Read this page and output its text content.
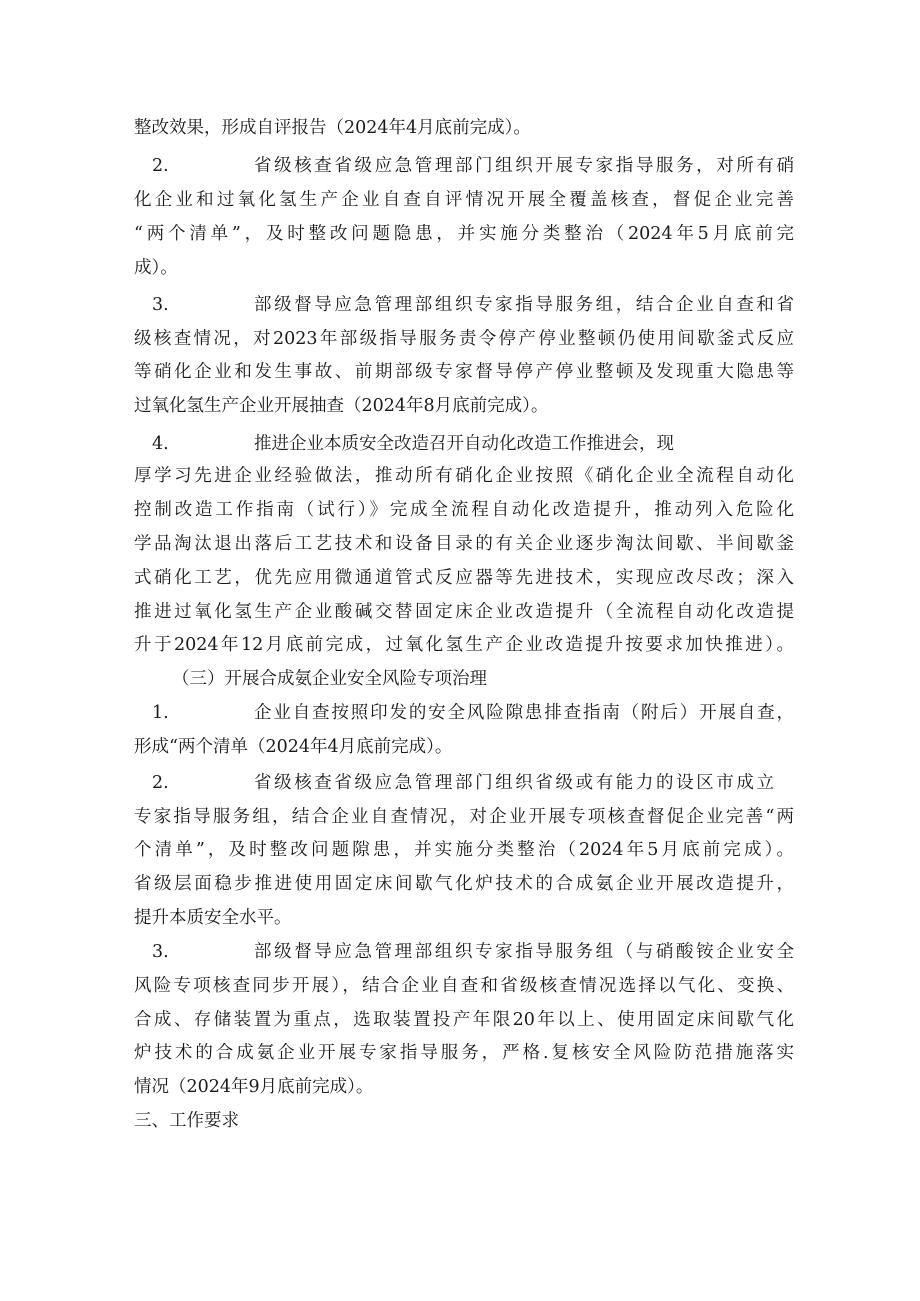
整改效果，形成自评报告（2024年4月底前完成）。
2.	省级核查省级应急管理部门组织开展专家指导服务，对所有硝
化企业和过氧化氢生产企业自查自评情况开展全覆盖核查，督促企业完善
“两个清单”，及时整改问题隐患，并实施分类整治（2024年5月底前完
成）。
3.	部级督导应急管理部组织专家指导服务组，结合企业自查和省
级核查情况，对2023年部级指导服务责令停产停业整顿仍使用间歇釜式反应
等硝化企业和发生事故、前期部级专家督导停产停业整顿及发现重大隐患等
过氧化氢生产企业开展抽查（2024年8月底前完成）。
4.	推进企业本质安全改造召开自动化改造工作推进会，现
厚学习先进企业经验做法，推动所有硝化企业按照《硝化企业全流程自动化
控制改造工作指南（试行）》完成全流程自动化改造提升，推动列入危险化
学品淘汰退出落后工艺技术和设备目录的有关企业逐步淘汰间歇、半间歇釜
式硝化工艺，优先应用微通道管式反应器等先进技术，实现应改尽改；深入
推进过氧化氢生产企业酸碱交替固定床企业改造提升（全流程自动化改造提
升于2024年12月底前完成，过氧化氢生产企业改造提升按要求加快推进）。
（三）开展合成氨企业安全风险专项治理
1.	企业自查按照印发的安全风险隙患排查指南（附后）开展自查，
形成“两个清单（2024年4月底前完成）。
2.	省级核查省级应急管理部门组织省级或有能力的设区市成立
专家指导服务组，结合企业自查情况，对企业开展专项核查督促企业完善“两
个清单”，及时整改问题隙患，并实施分类整治（2024年5月底前完成）。
省级层面稳步推进使用固定床间歇气化炉技术的合成氨企业开展改造提升，
提升本质安全水平。
3.	部级督导应急管理部组织专家指导服务组（与硝酸铵企业安全
风险专项核查同步开展），结合企业自查和省级核查情况选择以气化、变换、
合成、存储装置为重点，选取装置投产年限20年以上、使用固定床间歇气化
炉技术的合成氨企业开展专家指导服务，严格.复核安全风险防范措施落实
情况（2024年9月底前完成）。
三、工作要求
